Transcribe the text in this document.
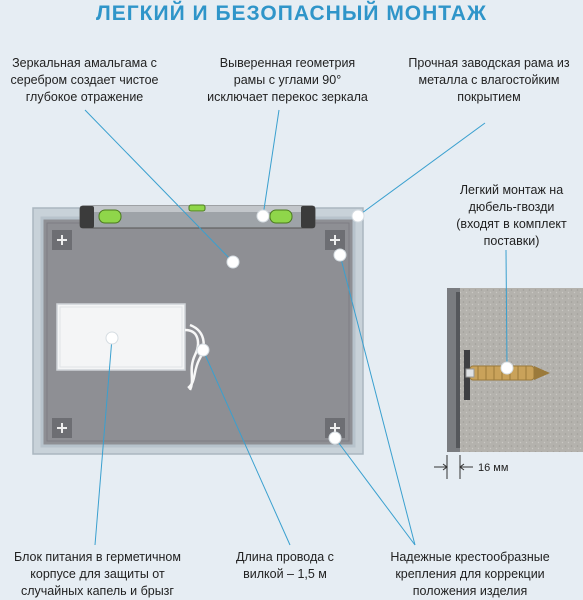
ЛЕГКИЙ И БЕЗОПАСНЫЙ МОНТАЖ
Зеркальная амальгама с
серебром создает чистое
глубокое отражение
Выверенная геометрия
рамы с углами 90°
исключает перекос зеркала
Прочная заводская рама из
металла с влагостойким
покрытием
Легкий монтаж на
дюбель-гвозди
(входят в комплект
поставки)
16 мм
Блок питания в герметичном
корпусе для защиты от
случайных капель и брызг
Длина провода с
вилкой – 1,5 м
Надежные крестообразные
крепления для коррекции
положения изделия
